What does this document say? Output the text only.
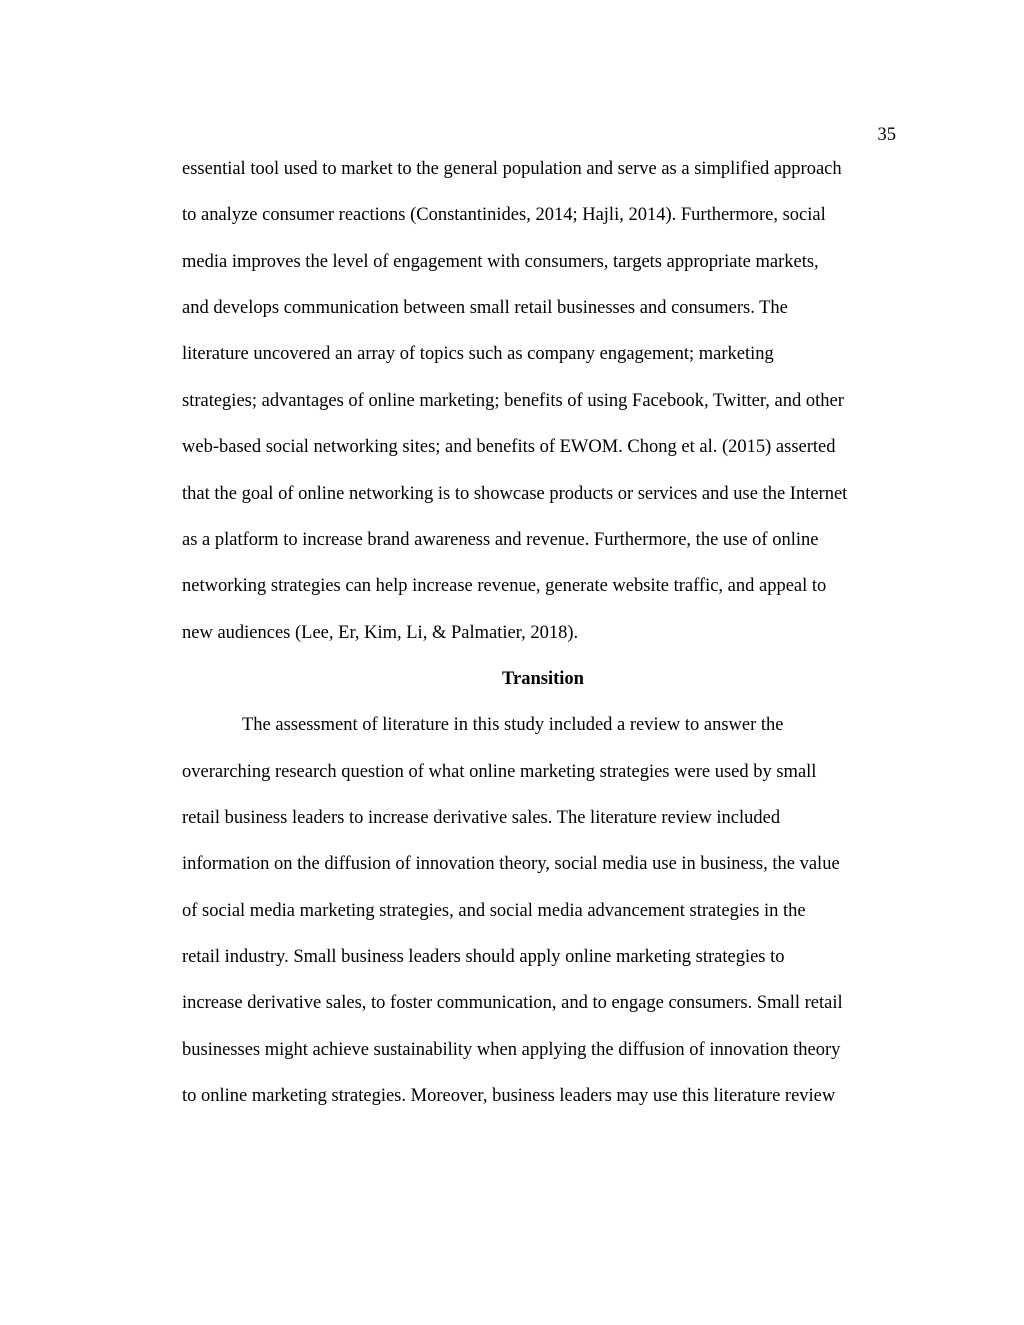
35
essential tool used to market to the general population and serve as a simplified approach
to analyze consumer reactions (Constantinides, 2014; Hajli, 2014). Furthermore, social
media improves the level of engagement with consumers, targets appropriate markets,
and develops communication between small retail businesses and consumers. The
literature uncovered an array of topics such as company engagement; marketing
strategies; advantages of online marketing; benefits of using Facebook, Twitter, and other
web-based social networking sites; and benefits of EWOM. Chong et al. (2015) asserted
that the goal of online networking is to showcase products or services and use the Internet
as a platform to increase brand awareness and revenue. Furthermore, the use of online
networking strategies can help increase revenue, generate website traffic, and appeal to
new audiences (Lee, Er, Kim, Li, & Palmatier, 2018).
Transition
The assessment of literature in this study included a review to answer the
overarching research question of what online marketing strategies were used by small
retail business leaders to increase derivative sales. The literature review included
information on the diffusion of innovation theory, social media use in business, the value
of social media marketing strategies, and social media advancement strategies in the
retail industry. Small business leaders should apply online marketing strategies to
increase derivative sales, to foster communication, and to engage consumers. Small retail
businesses might achieve sustainability when applying the diffusion of innovation theory
to online marketing strategies. Moreover, business leaders may use this literature review
